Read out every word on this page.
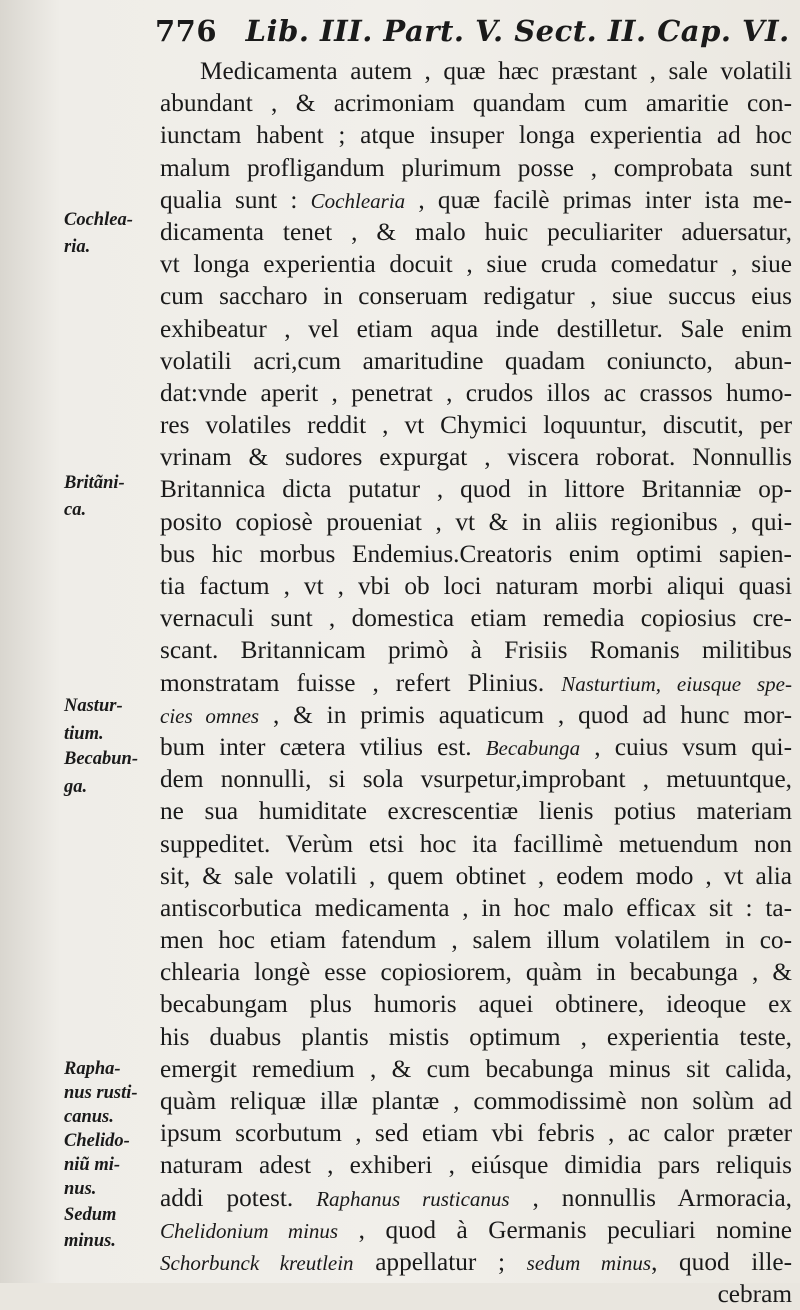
776 Lib. III. Part. V. Sect. II. Cap. VI.
Medicamenta autem , quæ hæc præstant , sale volatili
abundant , & acrimoniam quandam cum amaritie con-
iunctam habent ; atque insuper longa experientia ad hoc
malum profligandum plurimum posse , comprobata sunt
qualia sunt : Cochlearia , quæ facilè primas inter ista me-
dicamenta tenet , & malo huic peculiariter aduersatur,
vt longa experientia docuit , siue cruda comedatur , siue
cum saccharo in conseruam redigatur , siue succus eius
exhibeatur , vel etiam aqua inde destilletur. Sale enim
volatili acri,cum amaritudine quadam coniuncto, abun-
dat:vnde aperit , penetrat , crudos illos ac crassos humo-
res volatiles reddit , vt Chymici loquuntur, discutit, per
vrinam & sudores expurgat , viscera roborat. Nonnullis
Britannica dicta putatur , quod in littore Britanniæ op-
posito copiosè proueniat , vt & in aliis regionibus , qui-
bus hic morbus Endemius.Creatoris enim optimi sapien-
tia factum , vt , vbi ob loci naturam morbi aliqui quasi
vernaculi sunt , domestica etiam remedia copiosius cre-
scant. Britannicam primò à Frisiis Romanis militibus
monstratam fuisse , refert Plinius. Nasturtium, eiusque spe-
cies omnes , & in primis aquaticum , quod ad hunc mor-
bum inter cætera vtilius est. Becabunga , cuius vsum qui-
dem nonnulli, si sola vsurpetur,improbant , metuuntque,
ne sua humiditate excrescentiæ lienis potius materiam
suppeditet. Verùm etsi hoc ita facillimè metuendum non
sit, & sale volatili , quem obtinet , eodem modo , vt alia
antiscorbutica medicamenta , in hoc malo efficax sit : ta-
men hoc etiam fatendum , salem illum volatilem in co-
chlearia longè esse copiosiorem, quàm in becabunga , &
becabungam plus humoris aquei obtinere, ideoque ex
his duabus plantis mistis optimum , experientia teste,
emergit remedium , & cum becabunga minus sit calida,
quàm reliquæ illæ plantæ , commodissimè non solùm ad
ipsum scorbutum , sed etiam vbi febris , ac calor præter
naturam adest , exhiberi , eiúsque dimidia pars reliquis
addi potest. Raphanus rusticanus , nonnullis Armoracia,
Chelidonium minus , quod à Germanis peculiari nomine
Schorbunck kreutlein appellatur ; sedum minus, quod ille-
cebram
Cochlea-
ria.
Britãni-
ca.
Nastur-
tium.
Becabun-
ga.
Rapha-
nus rusti-
canus.
Chelido-
niũ mi-
nus.
Sedum
minus.
